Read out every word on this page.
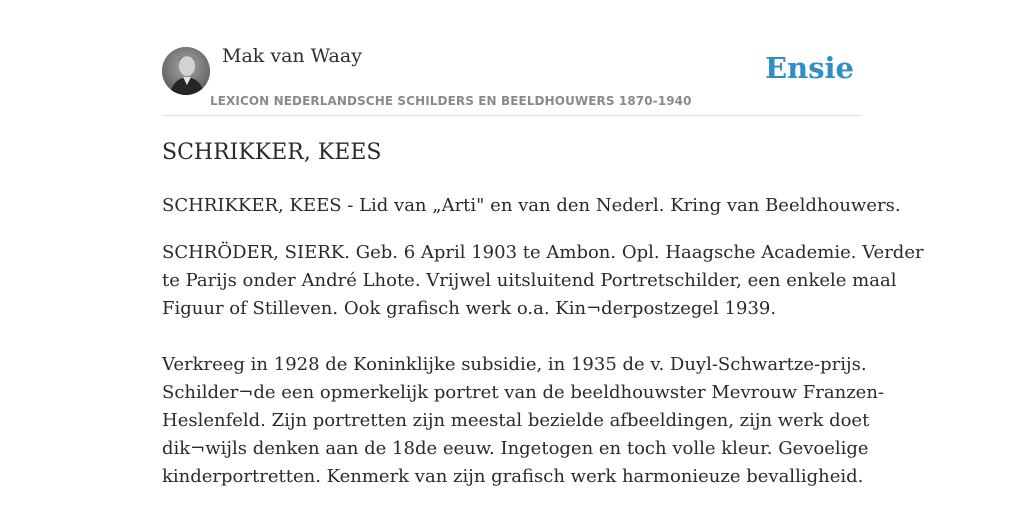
Mak van Waay
LEXICON NEDERLANDSCHE SCHILDERS EN BEELDHOUWERS 1870-1940
Ensie
SCHRIKKER, KEES
SCHRIKKER, KEES - Lid van „Arti" en van den Nederl. Kring van Beeldhouwers.
SCHRÖDER, SIERK. Geb. 6 April 1903 te Ambon. Opl. Haagsche Academie. Verder
te Parijs onder André Lhote. Vrijwel uitsluitend Portretschilder, een enkele maal
Figuur of Stilleven. Ook grafisch werk o.a. Kin¬derpostzegel 1939.
Verkreeg in 1928 de Koninklijke subsidie, in 1935 de v. Duyl-Schwartze-prijs.
Schilder¬de een opmerkelijk portret van de beeldhouwster Mevrouw Franzen-
Heslenfeld. Zijn portretten zijn meestal bezielde afbeeldingen, zijn werk doet
dik¬wijls denken aan de 18de eeuw. Ingetogen en toch volle kleur. Gevoelige
kinderportretten. Kenmerk van zijn grafisch werk harmonieuze bevalligheid.
